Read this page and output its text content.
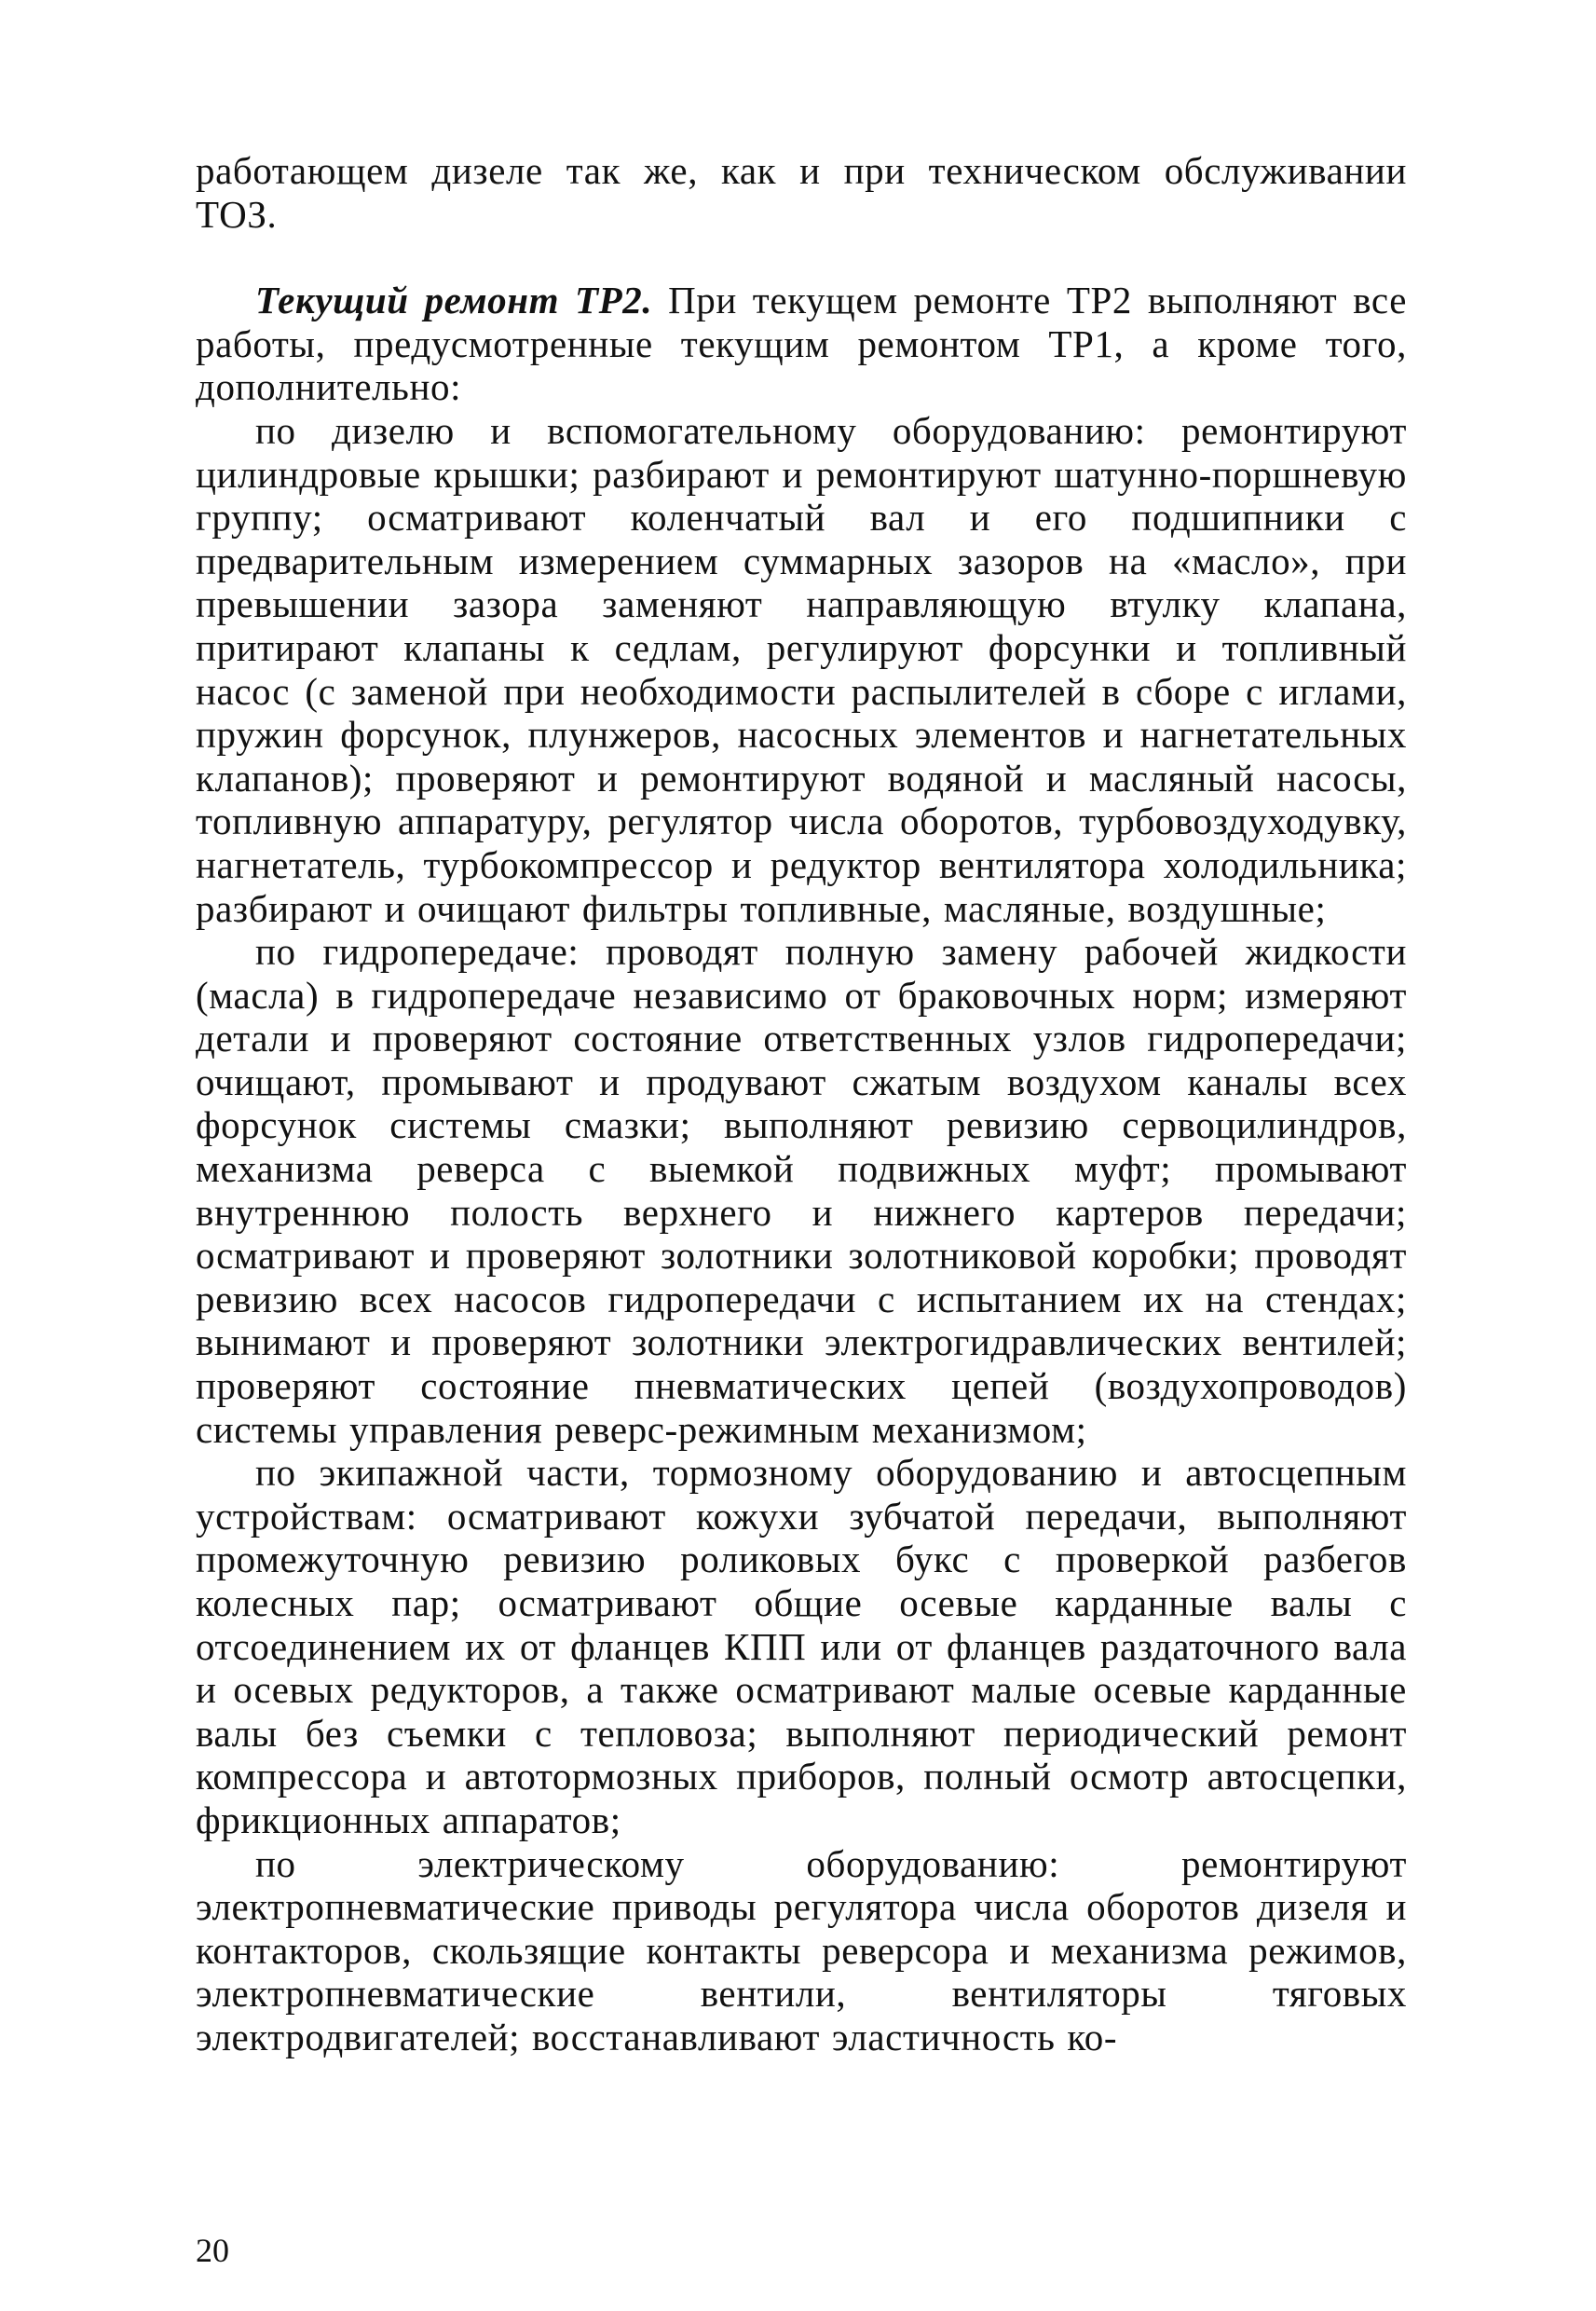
работающем дизеле так же, как и при техническом обслуживании ТОЗ.

Текущий ремонт ТР2. При текущем ремонте ТР2 выполняют все работы, предусмотренные текущим ремонтом ТР1, а кроме того, дополнительно:

по дизелю и вспомогательному оборудованию: ремонтируют цилиндровые крышки; разбирают и ремонтируют шатунно-поршневую группу; осматривают коленчатый вал и его подшипники с предварительным измерением суммарных зазоров на «масло», при превышении зазора заменяют направляющую втулку клапана, притирают клапаны к седлам, регулируют форсунки и топливный насос (с заменой при необходимости распылителей в сборе с иглами, пружин форсунок, плунжеров, насосных элементов и нагнетательных клапанов); проверяют и ремонтируют водяной и масляный насосы, топливную аппаратуру, регулятор числа оборотов, турбовоздуходувку, нагнетатель, турбокомпрессор и редуктор вентилятора холодильника; разбирают и очищают фильтры топливные, масляные, воздушные;

по гидропередаче: проводят полную замену рабочей жидкости (масла) в гидропередаче независимо от браковочных норм; измеряют детали и проверяют состояние ответственных узлов гидропередачи; очищают, промывают и продувают сжатым воздухом каналы всех форсунок системы смазки; выполняют ревизию сервоцилиндров, механизма реверса с выемкой подвижных муфт; промывают внутреннюю полость верхнего и нижнего картеров передачи; осматривают и проверяют золотники золотниковой коробки; проводят ревизию всех насосов гидропередачи с испытанием их на стендах; вынимают и проверяют золотники электрогидравлических вентилей; проверяют состояние пневматических цепей (воздухопроводов) системы управления реверс-режимным механизмом;

по экипажной части, тормозному оборудованию и автосцепным устройствам: осматривают кожухи зубчатой передачи, выполняют промежуточную ревизию роликовых букс с проверкой разбегов колесных пар; осматривают общие осевые карданные валы с отсоединением их от фланцев КПП или от фланцев раздаточного вала и осевых редукторов, а также осматривают малые осевые карданные валы без съемки с тепловоза; выполняют периодический ремонт компрессора и автотормозных приборов, полный осмотр автосцепки, фрикционных аппаратов;

по электрическому оборудованию: ремонтируют электропневматические приводы регулятора числа оборотов дизеля и контакторов, скользящие контакты реверсора и механизма режимов, электропневматические вентили, вентиляторы тяговых электродвигателей; восстанавливают эластичность ко-

20
